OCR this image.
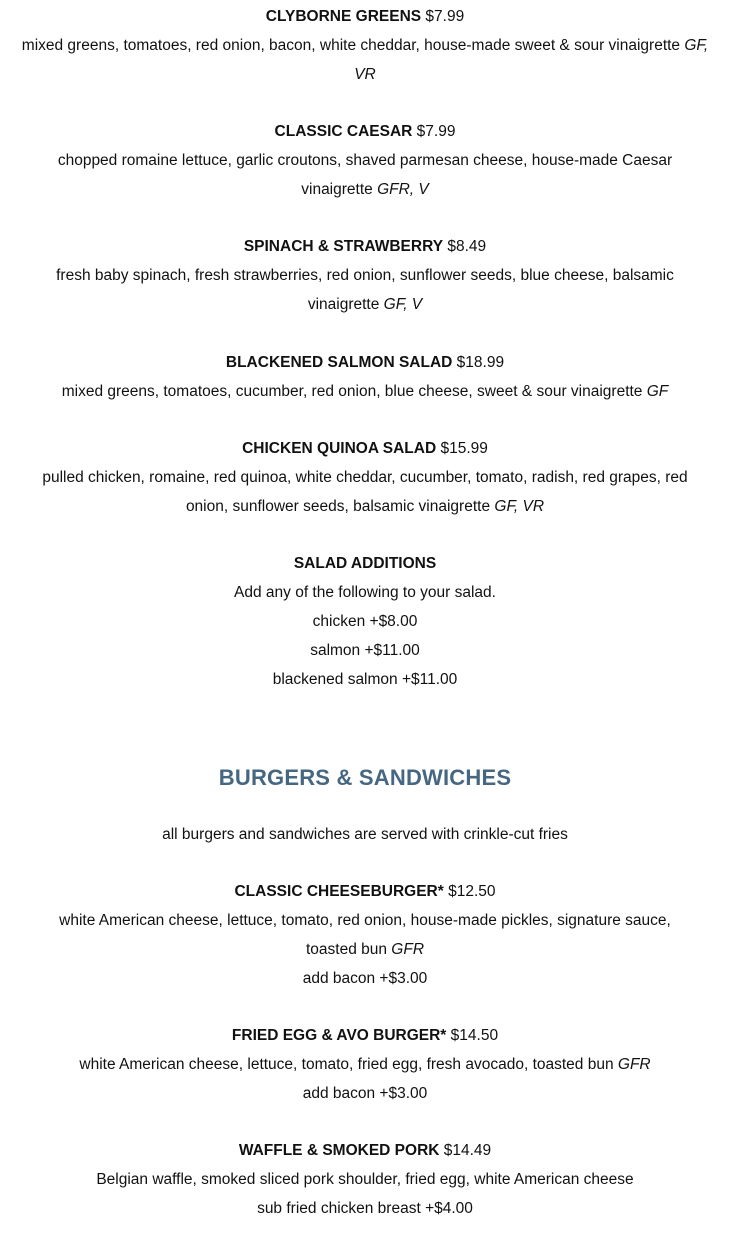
CLYBORNE GREENS $7.99
mixed greens, tomatoes, red onion, bacon, white cheddar, house-made sweet & sour vinaigrette GF, VR
CLASSIC CAESAR $7.99
chopped romaine lettuce, garlic croutons, shaved parmesan cheese, house-made Caesar vinaigrette GFR, V
SPINACH & STRAWBERRY $8.49
fresh baby spinach, fresh strawberries, red onion, sunflower seeds, blue cheese, balsamic vinaigrette GF, V
BLACKENED SALMON SALAD $18.99
mixed greens, tomatoes, cucumber, red onion, blue cheese, sweet & sour vinaigrette GF
CHICKEN QUINOA SALAD $15.99
pulled chicken, romaine, red quinoa, white cheddar, cucumber, tomato, radish, red grapes, red onion, sunflower seeds, balsamic vinaigrette GF, VR
SALAD ADDITIONS
Add any of the following to your salad.
chicken +$8.00
salmon +$11.00
blackened salmon +$11.00
BURGERS & SANDWICHES
all burgers and sandwiches are served with crinkle-cut fries
CLASSIC CHEESEBURGER* $12.50
white American cheese, lettuce, tomato, red onion, house-made pickles, signature sauce, toasted bun GFR
add bacon +$3.00
FRIED EGG & AVO BURGER* $14.50
white American cheese, lettuce, tomato, fried egg, fresh avocado, toasted bun GFR
add bacon +$3.00
WAFFLE & SMOKED PORK $14.49
Belgian waffle, smoked sliced pork shoulder, fried egg, white American cheese
sub fried chicken breast +$4.00
